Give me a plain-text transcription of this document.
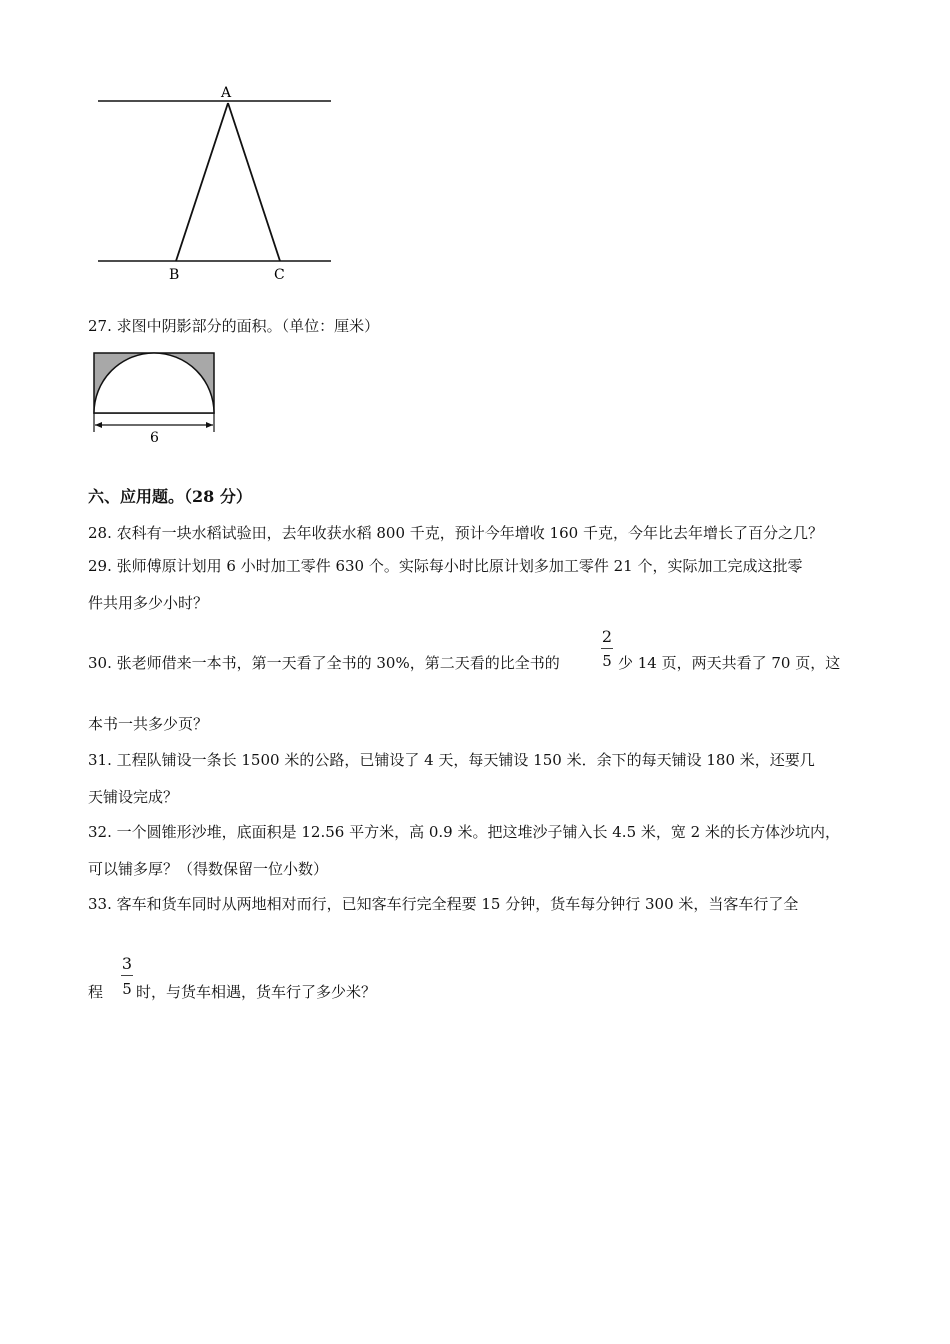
A
B	C
27. 求图中阴影部分的面积。（单位：厘米）
6
六、应用题。（28 分）
28. 农科有一块水稻试验田，去年收获水稻 800 千克，预计今年增收 160 千克，今年比去年增长了百分之几？
29. 张师傅原计划用 6 小时加工零件 630 个。实际每小时比原计划多加工零件 21 个，实际加工完成这批零
件共用多少小时？
30. 张老师借来一本书，第一天看了全书的 30%，第二天看的比全书的
2
5 少 14 页，两天共看了 70 页，这
本书一共多少页？
31. 工程队铺设一条长 1500 米的公路，已铺设了 4 天，每天铺设 150 米．余下的每天铺设 180 米，还要几
天铺设完成？
32. 一个圆锥形沙堆，底面积是 12.56 平方米，高 0.9 米。把这堆沙子铺入长 4.5 米，宽 2 米的长方体沙坑内，
可以铺多厚？（得数保留一位小数）
33. 客车和货车同时从两地相对而行，已知客车行完全程要 15 分钟，货车每分钟行 300 米，当客车行了全
程
3
5 时，与货车相遇，货车行了多少米？
